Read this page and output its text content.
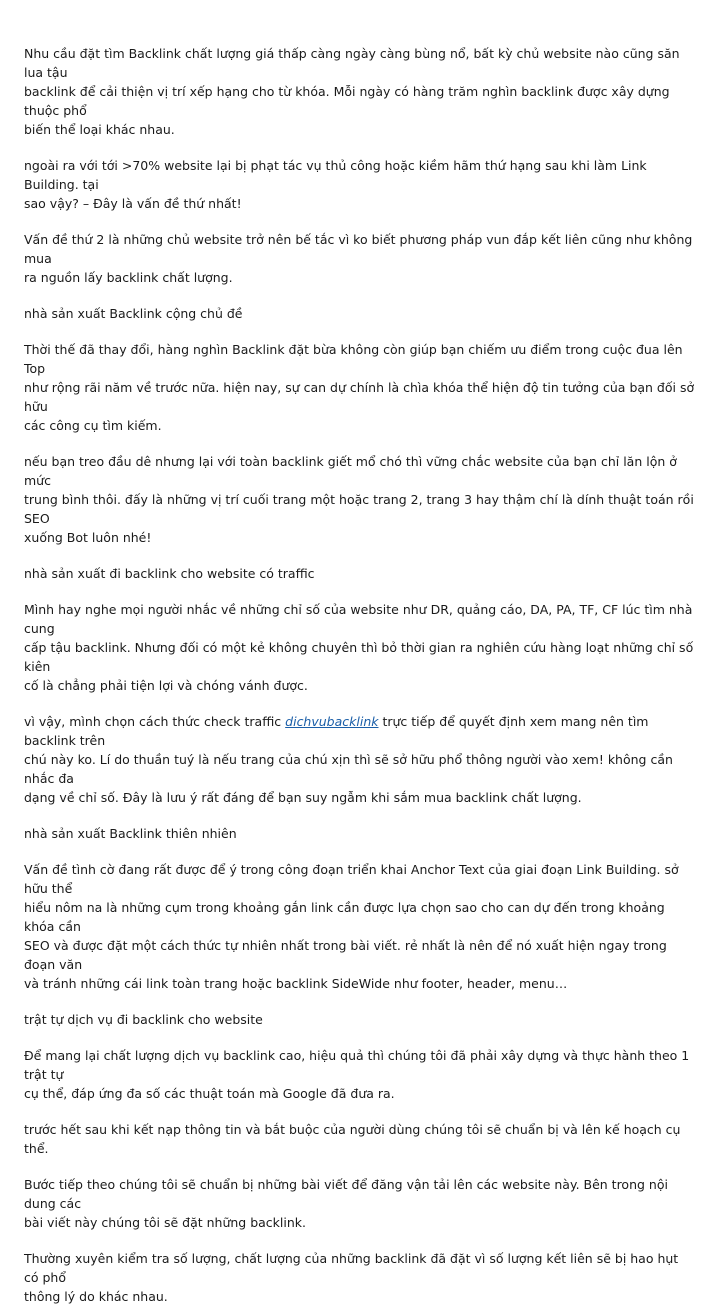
Nhu cầu đặt tìm Backlink chất lượng giá thấp càng ngày càng bùng nổ, bất kỳ chủ website nào cũng săn lua tậu
backlink để cải thiện vị trí xếp hạng cho từ khóa. Mỗi ngày có hàng trăm nghìn backlink được xây dựng thuộc phổ
biến thể loại khác nhau.

ngoài ra với tới >70% website lại bị phạt tác vụ thủ công hoặc kiềm hãm thứ hạng sau khi làm Link Building. tại
sao vậy? – Đây là vấn đề thứ nhất!

Vấn đề thứ 2 là những chủ website trở nên bế tắc vì ko biết phương pháp vun đắp kết liên cũng như không mua
ra nguồn lấy backlink chất lượng.

nhà sản xuất Backlink cộng chủ đề

Thời thế đã thay đổi, hàng nghìn Backlink đặt bừa không còn giúp bạn chiếm ưu điểm trong cuộc đua lên Top
như rộng rãi năm về trước nữa. hiện nay, sự can dự chính là chìa khóa thể hiện độ tin tưởng của bạn đối sở hữu
các công cụ tìm kiếm.

nếu bạn treo đầu dê nhưng lại với toàn backlink giết mổ chó thì vững chắc website của bạn chỉ lăn lộn ở mức
trung bình thôi. đấy là những vị trí cuối trang một hoặc trang 2, trang 3 hay thậm chí là dính thuật toán rồi SEO
xuống Bot luôn nhé!

nhà sản xuất đi backlink cho website có traffic

Mình hay nghe mọi người nhắc về những chỉ số của website như DR, quảng cáo, DA, PA, TF, CF lúc tìm nhà cung
cấp tậu backlink. Nhưng đối có một kẻ không chuyên thì bỏ thời gian ra nghiên cứu hàng loạt những chỉ số kiên
cố là chẳng phải tiện lợi và chóng vánh được.

vì vậy, mình chọn cách thức check traffic dichvubacklink trực tiếp để quyết định xem mang nên tìm backlink trên
chú này ko. Lí do thuần tuý là nếu trang của chú xịn thì sẽ sở hữu phổ thông người vào xem! không cần nhắc đa
dạng về chỉ số. Đây là lưu ý rất đáng để bạn suy ngẫm khi sắm mua backlink chất lượng.

nhà sản xuất Backlink thiên nhiên

Vấn đề tình cờ đang rất được để ý trong công đoạn triển khai Anchor Text của giai đoạn Link Building. sở hữu thể
hiểu nôm na là những cụm trong khoảng gắn link cần được lựa chọn sao cho can dự đến trong khoảng khóa cần
SEO và được đặt một cách thức tự nhiên nhất trong bài viết. rẻ nhất là nên để nó xuất hiện ngay trong đoạn văn
và tránh những cái link toàn trang hoặc backlink SideWide như footer, header, menu…

trật tự dịch vụ đi backlink cho website

Để mang lại chất lượng dịch vụ backlink cao, hiệu quả thì chúng tôi đã phải xây dựng và thực hành theo 1 trật tự
cụ thể, đáp ứng đa số các thuật toán mà Google đã đưa ra.

trước hết sau khi kết nạp thông tin và bắt buộc của người dùng chúng tôi sẽ chuẩn bị và lên kế hoạch cụ thể.

Bước tiếp theo chúng tôi sẽ chuẩn bị những bài viết để đăng vận tải lên các website này. Bên trong nội dung các
bài viết này chúng tôi sẽ đặt những backlink.

Thường xuyên kiểm tra số lượng, chất lượng của những backlink đã đặt vì số lượng kết liên sẽ bị hao hụt có phổ
thông lý do khác nhau.
